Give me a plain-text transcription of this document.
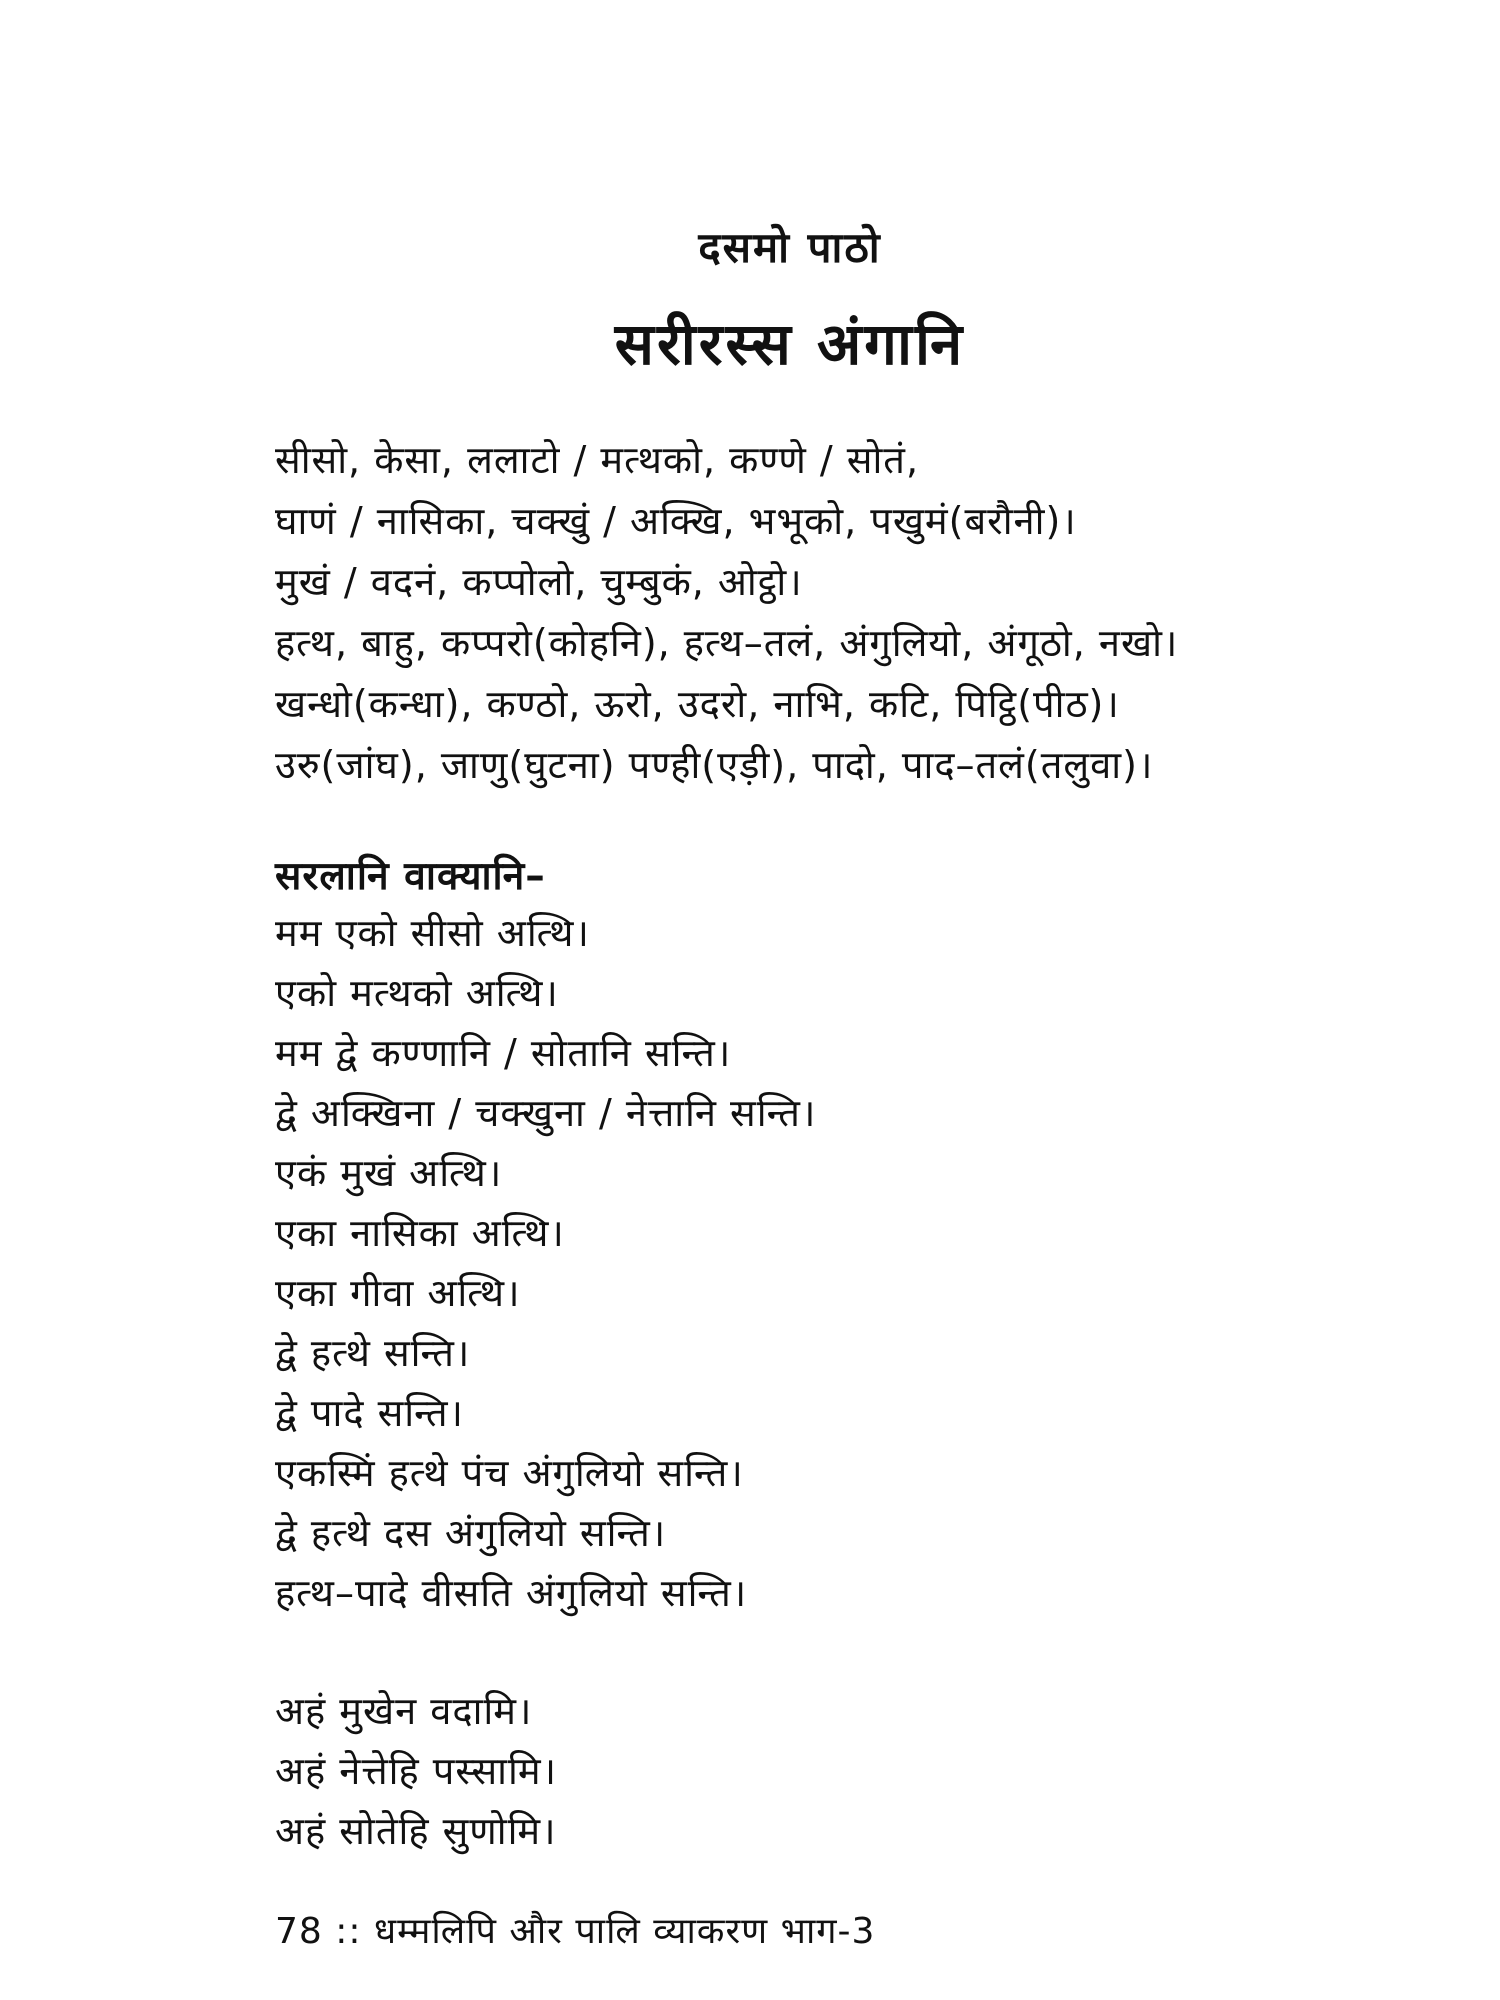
दसमो पाठो
सरीरस्स अंगानि
सीसो, केसा, ललाटो / मत्थको, कण्णे / सोतं,
घाणं / नासिका, चक्खुं / अक्खि, भभूको, पखुमं(बरौनी)।
मुखं / वदनं, कप्पोलो, चुम्बुकं, ओट्ठो।
हत्थ, बाहु, कप्परो(कोहनि), हत्थ–तलं, अंगुलियो, अंगूठो, नखो।
खन्धो(कन्धा), कण्ठो, ऊरो, उदरो, नाभि, कटि, पिट्ठि(पीठ)।
उरु(जांघ), जाणु(घुटना) पण्ही(एड़ी), पादो, पाद–तलं(तलुवा)।
सरलानि वाक्यानि–
मम एको सीसो अत्थि।
एको मत्थको अत्थि।
मम द्वे कण्णानि / सोतानि सन्ति।
द्वे अक्खिना / चक्खुना / नेत्तानि सन्ति।
एकं मुखं अत्थि।
एका नासिका अत्थि।
एका गीवा अत्थि।
द्वे हत्थे सन्ति।
द्वे पादे सन्ति।
एकस्मिं हत्थे पंच अंगुलियो सन्ति।
द्वे हत्थे दस अंगुलियो सन्ति।
हत्थ–पादे वीसति अंगुलियो सन्ति।
अहं मुखेन वदामि।
अहं नेत्तेहि पस्सामि।
अहं सोतेहि सुणोमि।
78 :: धम्मलिपि और पालि व्याकरण भाग-3
